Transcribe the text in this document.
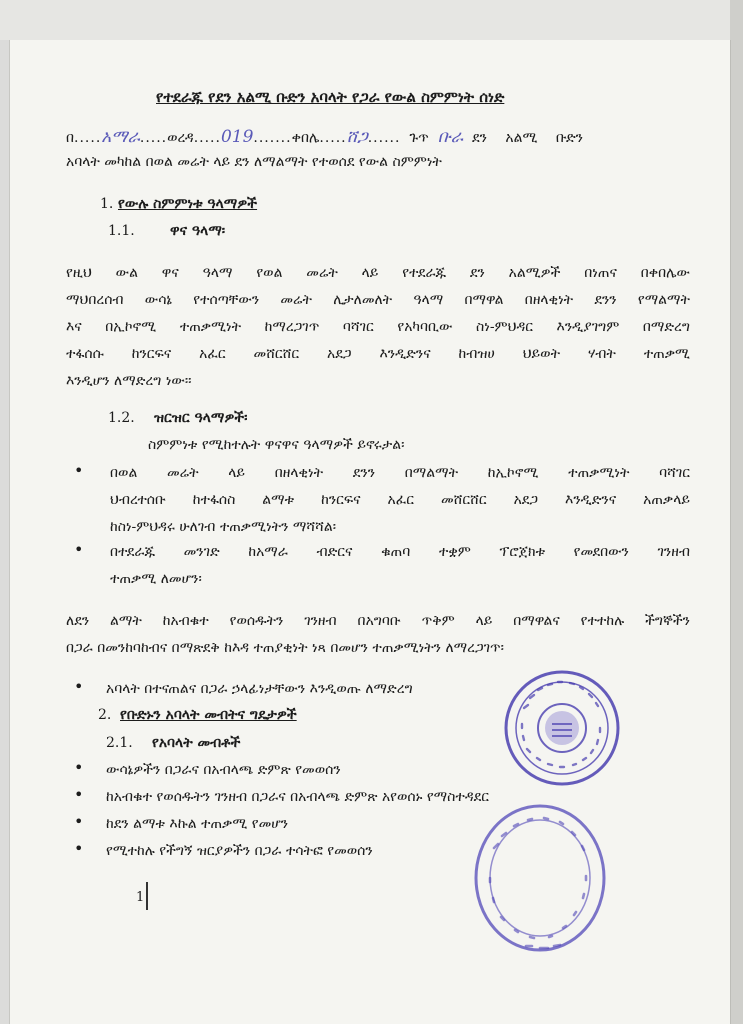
የተደራጁ የደን አልሚ ቡድን አባላት የጋራ የውል ስምምነት ሰነድ
በ.....አማራ.....ወረዳ.....019.......ቀበሌ.....ሸጋ...... ጉጥ ቡራ ደን አልሚ ቡድን
አባላት መካከል በወል መሬት ላይ ደን ለማልማት የተወሰደ የውል ስምምነት
1. የውሉ ስምምነቱ ዓላማዎች
1.1.	ዋና ዓላማ፡
የዚህ ውል ዋና ዓላማ የወል መሬት ላይ የተደራጁ ደን አልሚዎች በነጠና በቀበሌው
ማህበረሰብ ውሳኔ የተሰጣቸውን መሬት ሊታለመለት ዓላማ በማዋል በዘላቂነት ደንን የማልማት
እና በኢኮኖሚ ተጠቃሚነት ከማረጋገጥ ባሻገር የአካባቢው ስነ-ምህዳር እንዲያገግም በማድረግ
ተፋሰሱ ከንርፍና አፈር መሸርሸር አደጋ እንዲድንና ከብዝሀ ህይወት ሃብት ተጠቃሚ
እንዲሆን ለማድረግ ነው፡፡
1.2. ዝርዝር ዓላማዎች፡
ስምምነቱ የሚከተሉት ዋናዋና ዓላማዎች ይኖሩታል፡
• በወል መሬት ላይ በዘላቂነት ደንን በማልማት ከኢኮኖሚ ተጠቃሚነት ባሻገር
ህብረተሰቡ ከተፋሰስ ልማቱ ከንርፍና አፈር መሸርሸር አደጋ እንዲድንና አጠቃላይ
ከስነ-ምህዳሩ ሁለገብ ተጠቃሚነትን ማሻሻል፡
• በተደራጁ መንገድ ከአማራ ብድርና ቁጠባ ተቋም ፕሮጀክቱ የመደበውን ገንዘብ
ተጠቃሚ ለመሆን፡
ለደን ልማት ከአብቁተ የወሰዱትን ገንዘብ በአግባቡ ጥቅም ላይ በማዋልና የተተከሉ ችግኞችን
በጋራ በመንከባከብና በማጽደቅ ከእዳ ተጠያቂነት ነጻ በመሆን ተጠቃሚነትን ለማረጋገጥ፡
• አባላት በተናጠልና በጋራ ኃላፊነታቸውን እንዲወጡ ለማድረግ
2. የቡድኑን አባላት መብትና ግዴታዎች
2.1. የአባላት መብቶች
• ውሳኔዎችን በጋራና በአብላጫ ድምጽ የመወሰን
• ከአብቁተ የወሰዱትን ገንዘብ በጋራና በአብላጫ ድምጽ አየወሰኑ የማስተዳደር
• ከደን ልማቱ እኩል ተጠቃሚ የመሆን
• የሚተከሉ የችግኝ ዝርያዎችን በጋራ ተሳትፎ የመወሰን
1
